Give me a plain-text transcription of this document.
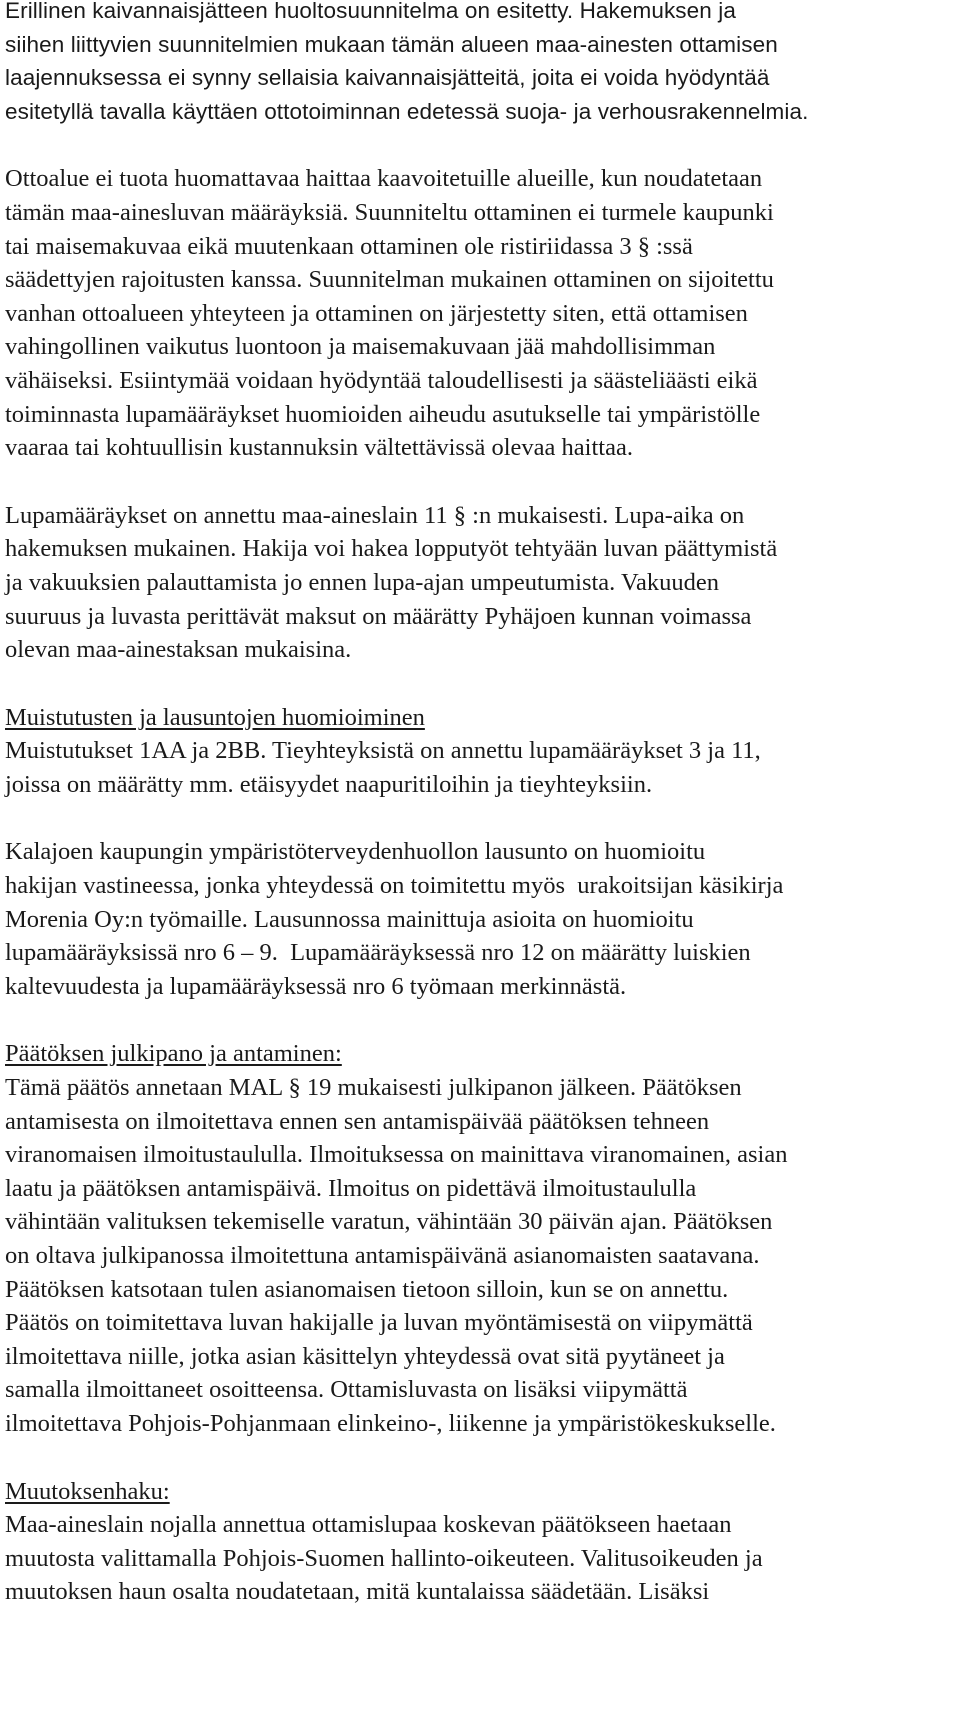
Erillinen kaivannaisjätteen huoltosuunnitelma on esitetty. Hakemuksen ja
siihen liittyvien suunnitelmien mukaan tämän alueen maa-ainesten ottamisen
laajennuksessa ei synny sellaisia kaivannaisjätteitä, joita ei voida hyödyntää
esitetyllä tavalla käyttäen ottotoiminnan edetessä suoja- ja verhousrakennelmia.
Ottoalue ei tuota huomattavaa haittaa kaavoitetuille alueille, kun noudatetaan
tämän maa-ainesluvan määräyksiä. Suunniteltu ottaminen ei turmele kaupunki
tai maisemakuvaa eikä muutenkaan ottaminen ole ristiriidassa 3 § :ssä
säädettyjen rajoitusten kanssa. Suunnitelman mukainen ottaminen on sijoitettu
vanhan ottoalueen yhteyteen ja ottaminen on järjestetty siten, että ottamisen
vahingollinen vaikutus luontoon ja maisemakuvaan jää mahdollisimman
vähäiseksi. Esiintymää voidaan hyödyntää taloudellisesti ja säästeliäästi eikä
toiminnasta lupamääräykset huomioiden aiheudu asutukselle tai ympäristölle
vaaraa tai kohtuullisin kustannuksin vältettävissä olevaa haittaa.
Lupamääräykset on annettu maa-aineslain 11 § :n mukaisesti. Lupa-aika on
hakemuksen mukainen. Hakija voi hakea lopputyöt tehtyään luvan päättymistä
ja vakuuksien palauttamista jo ennen lupa-ajan umpeutumista. Vakuuden
suuruus ja luvasta perittävät maksut on määrätty Pyhäjoen kunnan voimassa
olevan maa-ainestaksan mukaisina.
Muistutusten ja lausuntojen huomioiminen
Muistutukset 1AA ja 2BB. Tieyhteyksistä on annettu lupamääräykset 3 ja 11,
joissa on määrätty mm. etäisyydet naapuritiloihin ja tieyhteyksiin.
Kalajoen kaupungin ympäristöterveydenhuollon lausunto on huomioitu
hakijan vastineessa, jonka yhteydessä on toimitettu myös  urakoitsijan käsikirja
Morenia Oy:n työmaille. Lausunnossa mainittuja asioita on huomioitu
lupamääräyksissä nro 6 – 9.  Lupamääräyksessä nro 12 on määrätty luiskien
kaltevuudesta ja lupamääräyksessä nro 6 työmaan merkinnästä.
Päätöksen julkipano ja antaminen:
Tämä päätös annetaan MAL § 19 mukaisesti julkipanon jälkeen. Päätöksen
antamisesta on ilmoitettava ennen sen antamispäivää päätöksen tehneen
viranomaisen ilmoitustaululla. Ilmoituksessa on mainittava viranomainen, asian
laatu ja päätöksen antamispäivä. Ilmoitus on pidettävä ilmoitustaululla
vähintään valituksen tekemiselle varatun, vähintään 30 päivän ajan. Päätöksen
on oltava julkipanossa ilmoitettuna antamispäivänä asianomaisten saatavana.
Päätöksen katsotaan tulen asianomaisen tietoon silloin, kun se on annettu.
Päätös on toimitettava luvan hakijalle ja luvan myöntämisestä on viipymättä
ilmoitettava niille, jotka asian käsittelyn yhteydessä ovat sitä pyytäneet ja
samalla ilmoittaneet osoitteensa. Ottamisluvasta on lisäksi viipymättä
ilmoitettava Pohjois-Pohjanmaan elinkeino-, liikenne ja ympäristökeskukselle.
Muutoksenhaku:
Maa-aineslain nojalla annettua ottamislupaa koskevan päätökseen haetaan
muutosta valittamalla Pohjois-Suomen hallinto-oikeuteen. Valitusoikeuden ja
muutoksen haun osalta noudatetaan, mitä kuntalaissa säädetään. Lisäksi
